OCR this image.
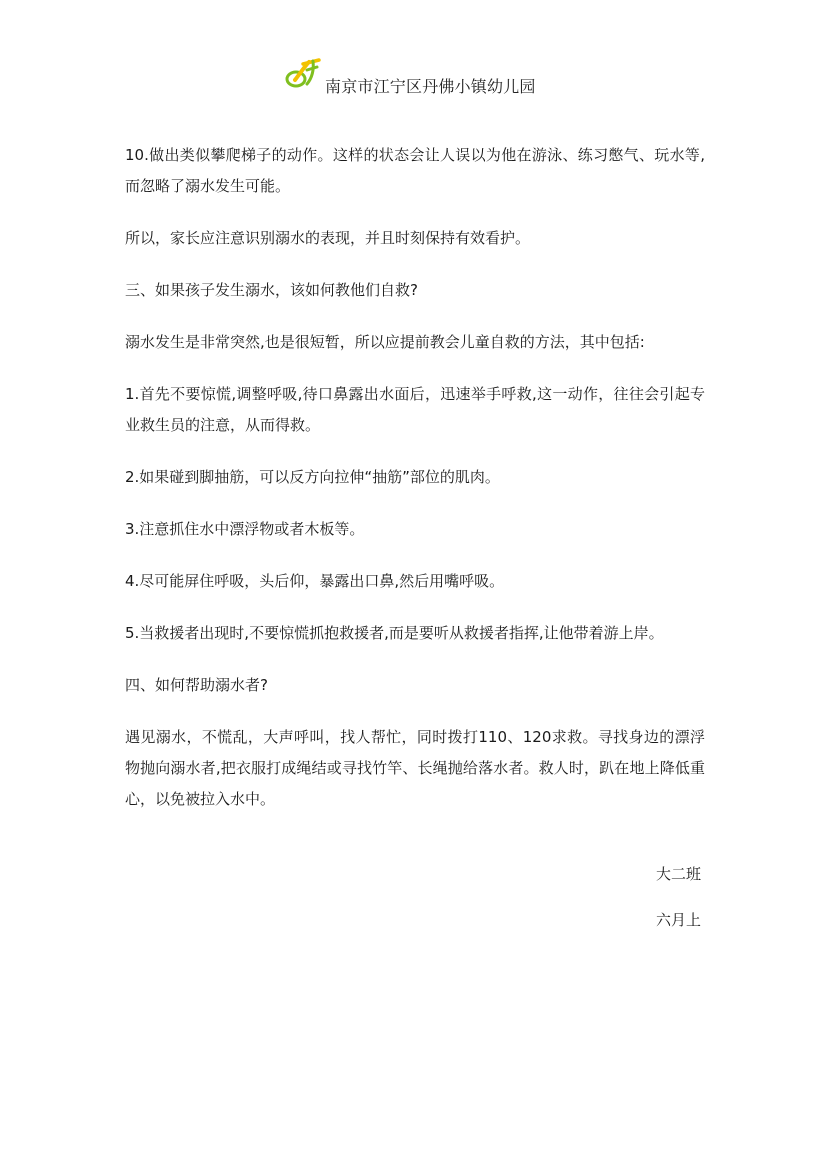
南京市江宁区丹佛小镇幼儿园

10.做出类似攀爬梯子的动作。这样的状态会让人误以为他在游泳、练习憋气、玩水等,而忽略了溺水发生可能。

所以，家长应注意识别溺水的表现，并且时刻保持有效看护。

三、如果孩子发生溺水，该如何教他们自救?

溺水发生是非常突然,也是很短暂，所以应提前教会儿童自救的方法，其中包括:

1.首先不要惊慌,调整呼吸,待口鼻露出水面后，迅速举手呼救,这一动作，往往会引起专业救生员的注意，从而得救。

2.如果碰到脚抽筋，可以反方向拉伸“抽筋”部位的肌肉。

3.注意抓住水中漂浮物或者木板等。

4.尽可能屏住呼吸，头后仰，暴露出口鼻,然后用嘴呼吸。

5.当救援者出现时,不要惊慌抓抱救援者,而是要听从救援者指挥,让他带着游上岸。

四、如何帮助溺水者?

遇见溺水，不慌乱，大声呼叫，找人帮忙，同时拨打110、120求救。寻找身边的漂浮物抛向溺水者,把衣服打成绳结或寻找竹竿、长绳抛给落水者。救人时，趴在地上降低重心，以免被拉入水中。

大二班
六月上
